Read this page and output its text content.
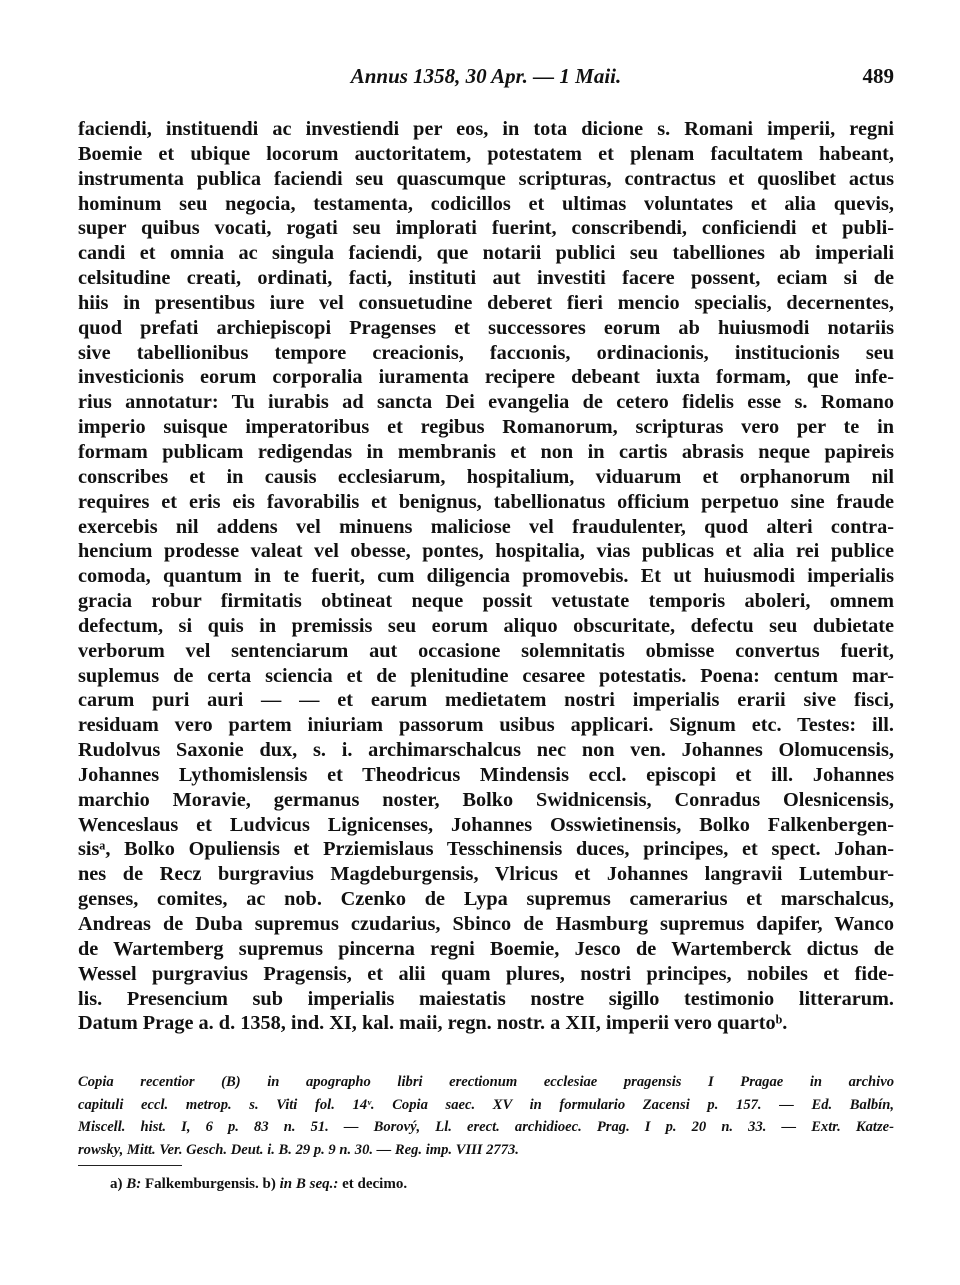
Annus 1358, 30 Apr. — 1 Maii.	489
faciendi, instituendi ac investiendi per eos, in tota dicione s. Romani imperii, regni
Boemie et ubique locorum auctoritatem, potestatem et plenam facultatem habeant,
instrumenta publica faciendi seu quascumque scripturas, contractus et quoslibet actus
hominum seu negocia, testamenta, codicillos et ultimas voluntates et alia quevis,
super quibus vocati, rogati seu implorati fuerint, conscribendi, conficiendi et publi-
candi et omnia ac singula faciendi, que notarii publici seu tabelliones ab imperiali
celsitudine creati, ordinati, facti, instituti aut investiti facere possent, eciam si de
hiis in presentibus iure vel consuetudine deberet fieri mencio specialis, decernentes,
quod prefati archiepiscopi Pragenses et successores eorum ab huiusmodi notariis
sive tabellionibus tempore creacionis, faccıonis, ordinacionis, institucionis seu
investicionis eorum corporalia iuramenta recipere debeant iuxta formam, que infe-
rius annotatur: Tu iurabis ad sancta Dei evangelia de cetero fidelis esse s. Romano
imperio suisque imperatoribus et regibus Romanorum, scripturas vero per te in
formam publicam redigendas in membranis et non in cartis abrasis neque papireis
conscribes et in causis ecclesiarum, hospitalium, viduarum et orphanorum nil
requires et eris eis favorabilis et benignus, tabellionatus officium perpetuo sine fraude
exercebis nil addens vel minuens maliciose vel fraudulenter, quod alteri contra-
hencium prodesse valeat vel obesse, pontes, hospitalia, vias publicas et alia rei publice
comoda, quantum in te fuerit, cum diligencia promovebis. Et ut huiusmodi imperialis
gracia robur firmitatis obtineat neque possit vetustate temporis aboleri, omnem
defectum, si quis in premissis seu eorum aliquo obscuritate, defectu seu dubietate
verborum vel sentenciarum aut occasione solemnitatis obmisse convertus fuerit,
suplemus de certa sciencia et de plenitudine cesaree potestatis. Poena: centum mar-
carum puri auri — — et earum medietatem nostri imperialis erarii sive fisci,
residuam vero partem iniuriam passorum usibus applicari. Signum etc. Testes: ill.
Rudolvus Saxonie dux, s. i. archimarschalcus nec non ven. Johannes Olomucensis,
Johannes Lythomislensis et Theodricus Mindensis eccl. episcopi et ill. Johannes
marchio Moravie, germanus noster, Bolko Swidnicensis, Conradus Olesnicensis,
Wenceslaus et Ludvicus Lignicenses, Johannes Osswietinensis, Bolko Falkenbergen-
sisᵃ, Bolko Opuliensis et Prziemislaus Tesschinensis duces, principes, et spect. Johan-
nes de Recz burgravius Magdeburgensis, Vlricus et Johannes langravii Lutembur-
genses, comites, ac nob. Czenko de Lypa supremus camerarius et marschalcus,
Andreas de Duba supremus czudarius, Sbinco de Hasmburg supremus dapifer, Wanco
de Wartemberg supremus pincerna regni Boemie, Jesco de Wartemberck dictus de
Wessel purgravius Pragensis, et alii quam plures, nostri principes, nobiles et fide-
lis. Presencium sub imperialis maiestatis nostre sigillo testimonio litterarum.
Datum Prage a. d. 1358, ind. XI, kal. maii, regn. nostr. a XII, imperii vero quartoᵇ.
Copia recentior (B) in apographo libri erectionum ecclesiae pragensis I Pragae in archivo
capituli eccl. metrop. s. Viti fol. 14ᵛ. Copia saec. XV in formulario Zacensi p. 157. — Ed. Balbín,
Miscell. hist. I, 6 p. 83 n. 51. — Borový, Ll. erect. archidioec. Prag. I p. 20 n. 33. — Extr. Katze-
rowsky, Mitt. Ver. Gesch. Deut. i. B. 29 p. 9 n. 30. — Reg. imp. VIII 2773.
a) B: Falkemburgensis. b) in B seq.: et decimo.
